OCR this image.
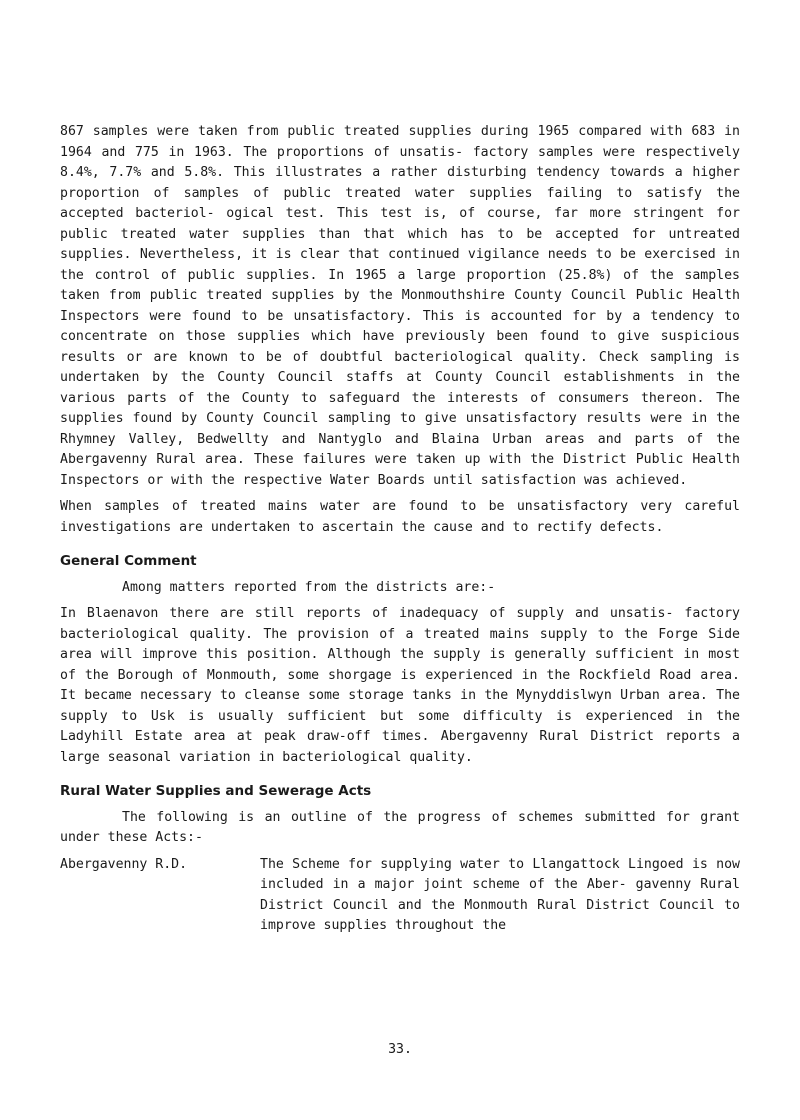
867 samples were taken from public treated supplies during 1965 compared with 683 in 1964 and 775 in 1963. The proportions of unsatis- factory samples were respectively 8.4%, 7.7% and 5.8%. This illustrates a rather disturbing tendency towards a higher proportion of samples of public treated water supplies failing to satisfy the accepted bacteriol- ogical test. This test is, of course, far more stringent for public treated water supplies than that which has to be accepted for untreated supplies. Nevertheless, it is clear that continued vigilance needs to be exercised in the control of public supplies. In 1965 a large proportion (25.8%) of the samples taken from public treated supplies by the Monmouthshire County Council Public Health Inspectors were found to be unsatisfactory. This is accounted for by a tendency to concentrate on those supplies which have previously been found to give suspicious results or are known to be of doubtful bacteriological quality. Check sampling is undertaken by the County Council staffs at County Council establishments in the various parts of the County to safeguard the interests of consumers thereon. The supplies found by County Council sampling to give unsatisfactory results were in the Rhymney Valley, Bedwellty and Nantyglo and Blaina Urban areas and parts of the Abergavenny Rural area. These failures were taken up with the District Public Health Inspectors or with the respective Water Boards until satisfaction was achieved.

When samples of treated mains water are found to be unsatisfactory very careful investigations are undertaken to ascertain the cause and to rectify defects.

General Comment

Among matters reported from the districts are:-

In Blaenavon there are still reports of inadequacy of supply and unsatis- factory bacteriological quality. The provision of a treated mains supply to the Forge Side area will improve this position. Although the supply is generally sufficient in most of the Borough of Monmouth, some shorgage is experienced in the Rockfield Road area. It became necessary to cleanse some storage tanks in the Mynyddislwyn Urban area. The supply to Usk is usually sufficient but some difficulty is experienced in the Ladyhill Estate area at peak draw-off times. Abergavenny Rural District reports a large seasonal variation in bacteriological quality.

Rural Water Supplies and Sewerage Acts

The following is an outline of the progress of schemes submitted for grant under these Acts:-

Abergavenny R.D.	The Scheme for supplying water to Llangattock Lingoed is now included in a major joint scheme of the Aber- gavenny Rural District Council and the Monmouth Rural District Council to improve supplies throughout the
33.
